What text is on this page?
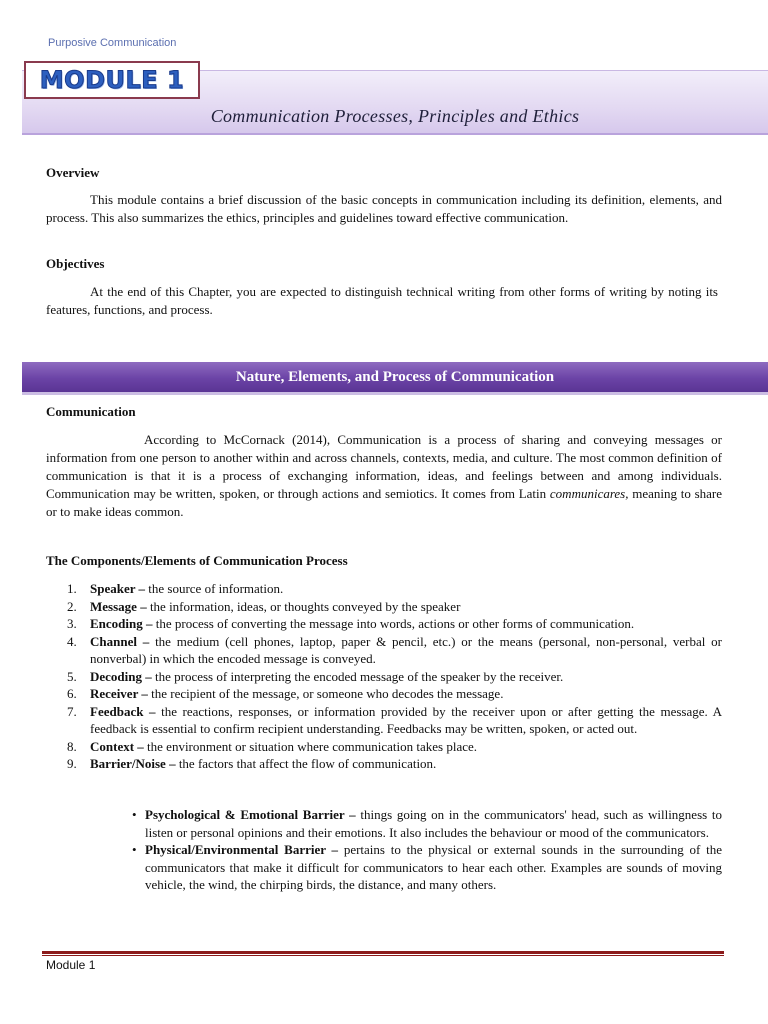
Purposive Communication
MODULE 1
Communication Processes, Principles and Ethics
Overview
This module contains a brief discussion of the basic concepts in communication including its definition, elements, and process. This also summarizes the ethics, principles and guidelines toward effective communication.
Objectives
At the end of this Chapter, you are expected to distinguish technical writing from other forms of writing by noting its features, functions, and process.
Nature, Elements, and Process of Communication
Communication
According to McCornack (2014), Communication is a process of sharing and conveying messages or information from one person to another within and across channels, contexts, media, and culture. The most common definition of communication is that it is a process of exchanging information, ideas, and feelings between and among individuals. Communication may be written, spoken, or through actions and semiotics. It comes from Latin communicares, meaning to share or to make ideas common.
The Components/Elements of Communication Process
1. Speaker – the source of information.
2. Message – the information, ideas, or thoughts conveyed by the speaker
3. Encoding – the process of converting the message into words, actions or other forms of communication.
4. Channel – the medium (cell phones, laptop, paper & pencil, etc.) or the means (personal, non-personal, verbal or nonverbal) in which the encoded message is conveyed.
5. Decoding – the process of interpreting the encoded message of the speaker by the receiver.
6. Receiver – the recipient of the message, or someone who decodes the message.
7. Feedback – the reactions, responses, or information provided by the receiver upon or after getting the message. A feedback is essential to confirm recipient understanding. Feedbacks may be written, spoken, or acted out.
8. Context – the environment or situation where communication takes place.
9. Barrier/Noise – the factors that affect the flow of communication.
• Psychological & Emotional Barrier – things going on in the communicators' head, such as willingness to listen or personal opinions and their emotions. It also includes the behaviour or mood of the communicators.
• Physical/Environmental Barrier – pertains to the physical or external sounds in the surrounding of the communicators that make it difficult for communicators to hear each other. Examples are sounds of moving vehicle, the wind, the chirping birds, the distance, and many others.
Module 1
